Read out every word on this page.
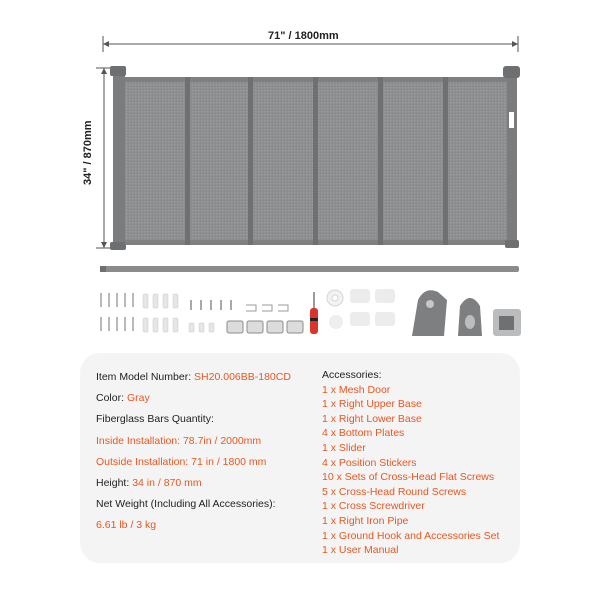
71" / 1800mm
34" / 870mm
Item Model Number: SH20.006BB-180CD
Color: Gray
Fiberglass Bars Quantity:
Inside Installation: 78.7in / 2000mm
Outside Installation: 71 in / 1800 mm
Height: 34 in / 870 mm
Net Weight (Including All Accessories):
6.61 lb / 3 kg
Accessories:
1 x Mesh Door
1 x Right Upper Base
1 x Right Lower Base
4 x Bottom Plates
1 x Slider
4 x Position Stickers
10 x Sets of Cross-Head Flat Screws
5 x Cross-Head Round Screws
1 x Cross Screwdriver
1 x Right Iron Pipe
1 x Ground Hook and Accessories Set
1 x User Manual
